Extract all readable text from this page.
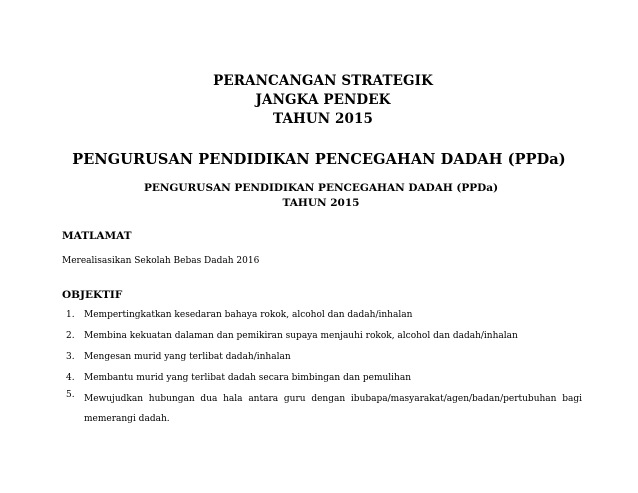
PERANCANGAN STRATEGIK
JANGKA PENDEK
TAHUN 2015
PENGURUSAN PENDIDIKAN PENCEGAHAN DADAH (PPDa)
PENGURUSAN PENDIDIKAN PENCEGAHAN DADAH (PPDa)
TAHUN 2015
MATLAMAT
Merealisasikan Sekolah Bebas Dadah 2016
OBJEKTIF
1. Mempertingkatkan kesedaran bahaya rokok, alcohol dan dadah/inhalan
2. Membina kekuatan dalaman dan pemikiran supaya menjauhi rokok, alcohol dan dadah/inhalan
3. Mengesan murid yang terlibat dadah/inhalan
4. Membantu murid yang terlibat dadah secara bimbingan dan pemulihan
5. Mewujudkan hubungan dua hala antara guru dengan ibubapa/masyarakat/agen/badan/pertubuhan bagi memerangi dadah.
